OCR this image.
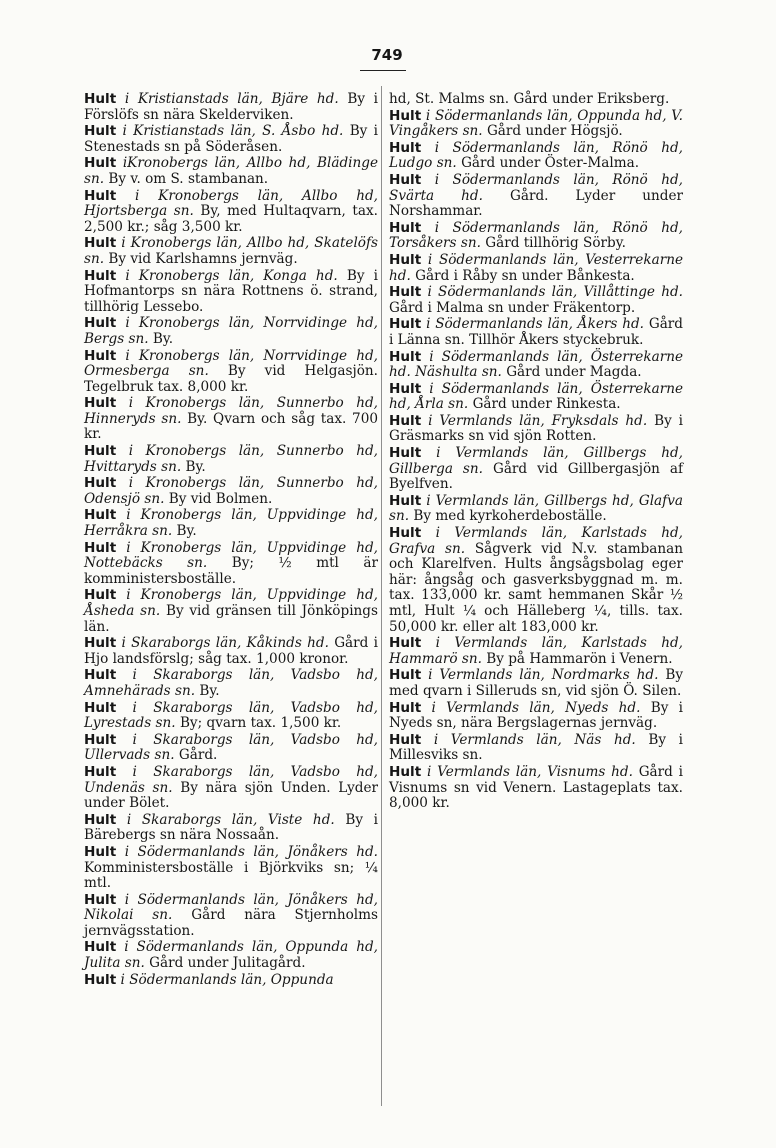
749

Hult i Kristianstads län, Bjäre hd. By i Förslöfs sn nära Skelderviken.

Hult i Kristianstads län, S. Åsbo hd. By i Stenestads sn på Söderåsen.

Hult iKronobergs län, Allbo hd, Blädinge sn. By v. om S. stambanan.

Hult i Kronobergs län, Allbo hd, Hjortsberga sn. By, med Hultaqvarn, tax. 2,500 kr.; såg 3,500 kr.

Hult i Kronobergs län, Allbo hd, Skatelöfs sn. By vid Karlshamns jernväg.

Hult i Kronobergs län, Konga hd. By i Hofmantorps sn nära Rottnens ö. strand, tillhörig Lessebo.

Hult i Kronobergs län, Norrvidinge hd, Bergs sn. By.

Hult i Kronobergs län, Norrvidinge hd, Ormesberga sn. By vid Helgasjön. Tegelbruk tax. 8,000 kr.

Hult i Kronobergs län, Sunnerbo hd, Hinneryds sn. By. Qvarn och såg tax. 700 kr.

Hult i Kronobergs län, Sunnerbo hd, Hvittaryds sn. By.

Hult i Kronobergs län, Sunnerbo hd, Odensjö sn. By vid Bolmen.

Hult i Kronobergs län, Uppvidinge hd, Herråkra sn. By.

Hult i Kronobergs län, Uppvidinge hd, Nottebäcks sn. By; ½ mtl är komministersboställe.

Hult i Kronobergs län, Uppvidinge hd, Åsheda sn. By vid gränsen till Jönköpings län.

Hult i Skaraborgs län, Kåkinds hd. Gård i Hjo landsförslg; såg tax. 1,000 kronor.

Hult i Skaraborgs län, Vadsbo hd, Amnehärads sn. By.

Hult i Skaraborgs län, Vadsbo hd, Lyrestads sn. By; qvarn tax. 1,500 kr.

Hult i Skaraborgs län, Vadsbo hd, Ullervads sn. Gård.

Hult i Skaraborgs län, Vadsbo hd, Undenäs sn. By nära sjön Unden. Lyder under Bölet.

Hult i Skaraborgs län, Viste hd. By i Bärebergs sn nära Nossaån.

Hult i Södermanlands län, Jönåkers hd. Komministersboställe i Björkviks sn; ¼ mtl.

Hult i Södermanlands län, Jönåkers hd, Nikolai sn. Gård nära Stjernholms jernvägsstation.

Hult i Södermanlands län, Oppunda hd, Julita sn. Gård under Julitagård.

Hult i Södermanlands län, Oppunda

hd, St. Malms sn. Gård under Eriksberg.

Hult i Södermanlands län, Oppunda hd, V. Vingåkers sn. Gård under Högsjö.

Hult i Södermanlands län, Rönö hd, Ludgo sn. Gård under Öster-Malma.

Hult i Södermanlands län, Rönö hd, Svärta hd. Gård. Lyder under Norshammar.

Hult i Södermanlands län, Rönö hd, Torsåkers sn. Gård tillhörig Sörby.

Hult i Södermanlands län, Vesterrekarne hd. Gård i Råby sn under Bånkesta.

Hult i Södermanlands län, Villåttinge hd. Gård i Malma sn under Fräkentorp.

Hult i Södermanlands län, Åkers hd. Gård i Länna sn. Tillhör Åkers styckebruk.

Hult i Södermanlands län, Österrekarne hd. Näshulta sn. Gård under Magda.

Hult i Södermanlands län, Österrekarne hd, Årla sn. Gård under Rinkesta.

Hult i Vermlands län, Fryksdals hd. By i Gräsmarks sn vid sjön Rotten.

Hult i Vermlands län, Gillbergs hd, Gillberga sn. Gård vid Gillbergasjön af Byelfven.

Hult i Vermlands län, Gillbergs hd, Glafva sn. By med kyrkoherdeboställe.

Hult i Vermlands län, Karlstads hd, Grafva sn. Sågverk vid N.v. stambanan och Klarelfven. Hults ångsågsbolag eger här: ångsåg och gasverksbyggnad m. m. tax. 133,000 kr. samt hemmanen Skår ½ mtl, Hult ¼ och Hälleberg ¼, tills. tax. 50,000 kr. eller alt 183,000 kr.

Hult i Vermlands län, Karlstads hd, Hammarö sn. By på Hammarön i Venern.

Hult i Vermlands län, Nordmarks hd. By med qvarn i Silleruds sn, vid sjön Ö. Silen.

Hult i Vermlands län, Nyeds hd. By i Nyeds sn, nära Bergslagernas jernväg.

Hult i Vermlands län, Näs hd. By i Millesviks sn.

Hult i Vermlands län, Visnums hd. Gård i Visnums sn vid Venern. Lastageplats tax. 8,000 kr.
